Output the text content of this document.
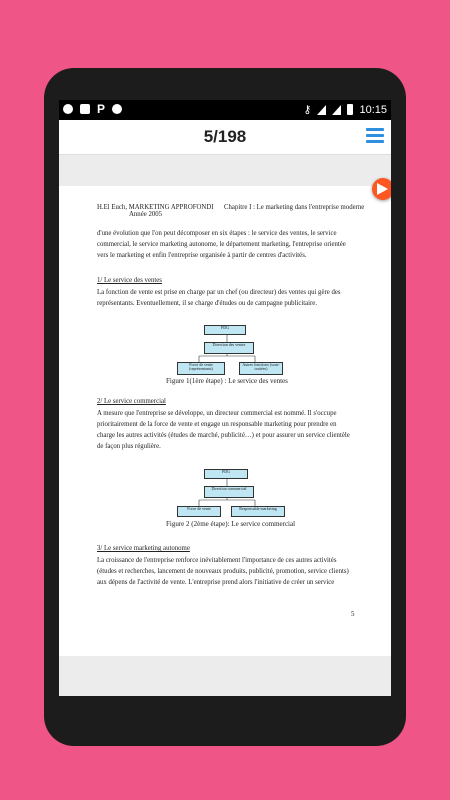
P	⚷	10:15
5/198
H.El Euch, MARKETING APPROFONDI
Année 2005
Chapitre I : Le marketing dans l'entreprise moderne
d'une évolution que l'on peut décomposer en six étapes : le service des ventes, le service
commercial, le service marketing autonome, le département marketing, l'entreprise orientée
vers le marketing et enfin l'entreprise organisée à partir de centres d'activités.
1/ Le service des ventes
La fonction de vente est prise en charge par un chef (ou directeur) des ventes qui gère des
représentants. Eventuellement, il se charge d'études ou de campagne publicitaire.
PDG
Direction des ventes
Force de vente (représentants)
Autres fonctions (sous-traitées)
Figure 1(1ère étape) : Le service des ventes
2/ Le service commercial
A mesure que l'entreprise se développe, un directeur commercial est nommé. Il s'occupe
prioritairement de la force de vente et engage un responsable marketing pour prendre en
charge les autres activités (études de marché, publicité…) et pour assurer un service clientèle
de façon plus régulière.
PDG
Direction commercial
Force de vente	Responsable marketing
Figure 2 (2ème étape): Le service commercial
3/ Le service marketing autonome
La croissance de l'entreprise renforce inévitablement l'importance de ces autres activités
(études et recherches, lancement de nouveaux produits, publicité, promotion, service clients)
aux dépens de l'activité de vente. L'entreprise prend alors l'initiative de créer un service
5
